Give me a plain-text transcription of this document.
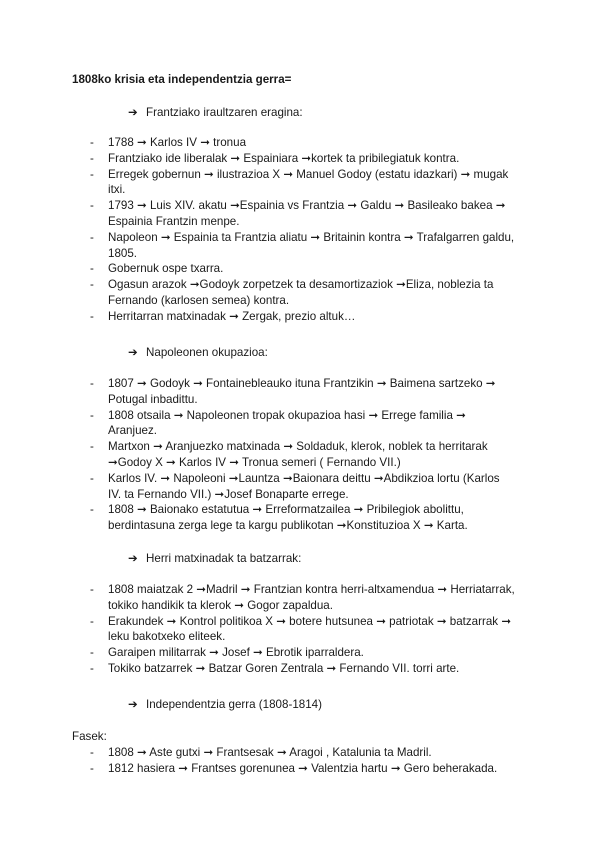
1808ko krisia eta independentzia gerra=
➔ Frantziako iraultzaren eragina:
- 1788 ➞ Karlos IV ➞ tronua
- Frantziako ide liberalak ➞ Espainiara ➞kortek ta pribilegiatuk kontra.
- Erregek gobernun ➞ ilustrazioa X ➞ Manuel Godoy (estatu idazkari) ➞ mugak itxi.
- 1793 ➞ Luis XIV. akatu ➞Espainia vs Frantzia ➞ Galdu ➞ Basileako bakea ➞ Espainia Frantzin menpe.
- Napoleon ➞ Espainia ta Frantzia aliatu ➞ Britainin kontra ➞ Trafalgarren galdu, 1805.
- Gobernuk ospe txarra.
- Ogasun arazok ➞Godoyk zorpetzek ta desamortizaziok ➞Eliza, noblezia ta Fernando (karlosen semea) kontra.
- Herritarran matxinadak ➞ Zergak, prezio altuk…
➔ Napoleonen okupazioa:
- 1807 ➞ Godoyk ➞ Fontainebleauko ituna Frantzikin ➞ Baimena sartzeko ➞ Potugal inbadittu.
- 1808 otsaila ➞ Napoleonen tropak okupazioa hasi ➞ Errege familia ➞ Aranjuez.
- Martxon ➞ Aranjuezko matxinada ➞ Soldaduk, klerok, noblek ta herritarak ➞Godoy X ➞ Karlos IV ➞ Tronua semeri ( Fernando VII.)
- Karlos IV. ➞ Napoleoni ➞Launtza ➞Baionara deittu ➞Abdikzioa lortu (Karlos IV. ta Fernando VII.) ➞Josef Bonaparte errege.
- 1808 ➞ Baionako estatutua ➞ Erreformatzailea ➞ Pribilegiok abolittu, berdintasuna zerga lege ta kargu publikotan ➞Konstituzioa X ➞ Karta.
➔ Herri matxinadak ta batzarrak:
- 1808 maiatzak 2 ➞Madril ➞ Frantzian kontra herri-altxamendua ➞ Herriatarrak, tokiko handikik ta klerok ➞ Gogor zapaldua.
- Erakundek ➞ Kontrol politikoa X ➞ botere hutsunea ➞ patriotak ➞ batzarrak ➞ leku bakotxeko eliteek.
- Garaipen militarrak ➞ Josef ➞ Ebrotik iparraldera.
- Tokiko batzarrek ➞ Batzar Goren Zentrala ➞ Fernando VII. torri arte.
➔ Independentzia gerra (1808-1814)
Fasek:
- 1808 ➞ Aste gutxi ➞ Frantsesak ➞ Aragoi , Katalunia ta Madril.
- 1812 hasiera ➞ Frantses gorenunea ➞ Valentzia hartu ➞ Gero beherakada.
